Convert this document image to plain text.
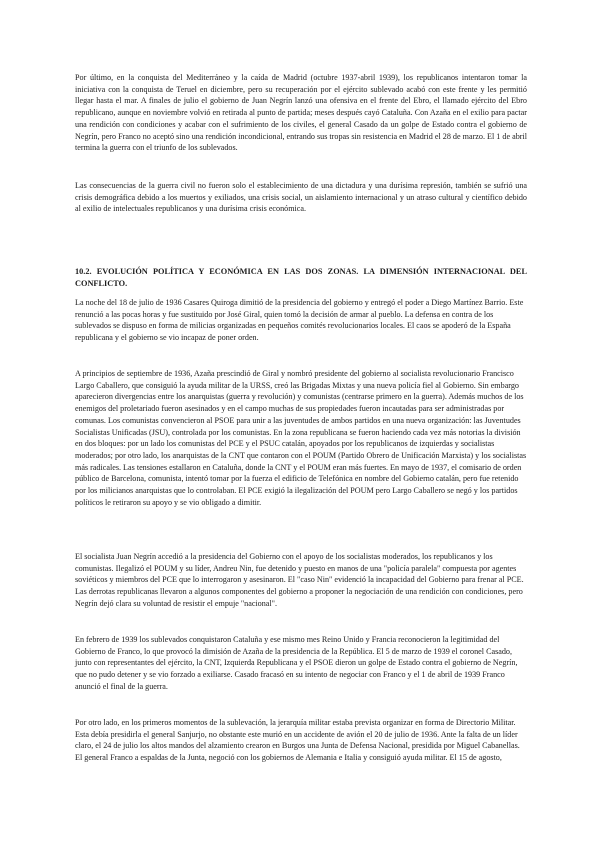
Por último, en la conquista del Mediterráneo y la caída de Madrid (octubre 1937-abril 1939), los republicanos intentaron tomar la iniciativa con la conquista de Teruel en diciembre, pero su recuperación por el ejército sublevado acabó con este frente y les permitió llegar hasta el mar. A finales de julio el gobierno de Juan Negrín lanzó una ofensiva en el frente del Ebro, el llamado ejército del Ebro republicano, aunque en noviembre volvió en retirada al punto de partida; meses después cayó Cataluña. Con Azaña en el exilio para pactar una rendición con condiciones y acabar con el sufrimiento de los civiles, el general Casado da un golpe de Estado contra el gobierno de Negrín, pero Franco no aceptó sino una rendición incondicional, entrando sus tropas sin resistencia en Madrid el 28 de marzo. El 1 de abril termina la guerra con el triunfo de los sublevados.

Las consecuencias de la guerra civil no fueron solo el establecimiento de una dictadura y una durísima represión, también se sufrió una crisis demográfica debido a los muertos y exiliados, una crisis social, un aislamiento internacional y un atraso cultural y científico debido al exilio de intelectuales republicanos y una durísima crisis económica.

10.2. EVOLUCIÓN POLÍTICA Y ECONÓMICA EN LAS DOS ZONAS. LA DIMENSIÓN INTERNACIONAL DEL CONFLICTO.

La noche del 18 de julio de 1936 Casares Quiroga dimitió de la presidencia del gobierno y entregó el poder a Diego Martínez Barrio. Este renunció a las pocas horas y fue sustituido por José Giral, quien tomó la decisión de armar al pueblo. La defensa en contra de los sublevados se dispuso en forma de milicias organizadas en pequeños comités revolucionarios locales. El caos se apoderó de la España republicana y el gobierno se vio incapaz de poner orden.

A principios de septiembre de 1936, Azaña prescindió de Giral y nombró presidente del gobierno al socialista revolucionario Francisco Largo Caballero, que consiguió la ayuda militar de la URSS, creó las Brigadas Mixtas y una nueva policía fiel al Gobierno. Sin embargo aparecieron divergencias entre los anarquistas (guerra y revolución) y comunistas (centrarse primero en la guerra). Además muchos de los enemigos del proletariado fueron asesinados y en el campo muchas de sus propiedades fueron incautadas para ser administradas por comunas. Los comunistas convencieron al PSOE para unir a las juventudes de ambos partidos en una nueva organización: las Juventudes Socialistas Unificadas (JSU), controlada por los comunistas. En la zona republicana se fueron haciendo cada vez más notorias la división en dos bloques: por un lado los comunistas del PCE y el PSUC catalán, apoyados por los republicanos de izquierdas y socialistas moderados; por otro lado, los anarquistas de la CNT que contaron con el POUM (Partido Obrero de Unificación Marxista) y los socialistas más radicales. Las tensiones estallaron en Cataluña, donde la CNT y el POUM eran más fuertes. En mayo de 1937, el comisario de orden público de Barcelona, comunista, intentó tomar por la fuerza el edificio de Telefónica en nombre del Gobierno catalán, pero fue retenido por los milicianos anarquistas que lo controlaban. El PCE exigió la ilegalización del POUM pero Largo Caballero se negó y los partidos políticos le retiraron su apoyo y se vio obligado a dimitir.

El socialista Juan Negrín accedió a la presidencia del Gobierno con el apoyo de los socialistas moderados, los republicanos y los comunistas. Ilegalizó el POUM y su líder, Andreu Nin, fue detenido y puesto en manos de una "policía paralela" compuesta por agentes soviéticos y miembros del PCE que lo interrogaron y asesinaron. El "caso Nin" evidenció la incapacidad del Gobierno para frenar al PCE. Las derrotas republicanas llevaron a algunos componentes del gobierno a proponer la negociación de una rendición con condiciones, pero Negrín dejó clara su voluntad de resistir el empuje "nacional".

En febrero de 1939 los sublevados conquistaron Cataluña y ese mismo mes Reino Unido y Francia reconocieron la legitimidad del Gobierno de Franco, lo que provocó la dimisión de Azaña de la presidencia de la República. El 5 de marzo de 1939 el coronel Casado, junto con representantes del ejército, la CNT, Izquierda Republicana y el PSOE dieron un golpe de Estado contra el gobierno de Negrín, que no pudo detener y se vio forzado a exiliarse. Casado fracasó en su intento de negociar con Franco y el 1 de abril de 1939 Franco anunció el final de la guerra.

Por otro lado, en los primeros momentos de la sublevación, la jerarquía militar estaba prevista organizar en forma de Directorio Militar. Esta debía presidirla el general Sanjurjo, no obstante este murió en un accidente de avión el 20 de julio de 1936. Ante la falta de un líder claro, el 24 de julio los altos mandos del alzamiento crearon en Burgos una Junta de Defensa Nacional, presidida por Miguel Cabanellas. El general Franco a espaldas de la Junta, negoció con los gobiernos de Alemania e Italia y consiguió ayuda militar. El 15 de agosto,
